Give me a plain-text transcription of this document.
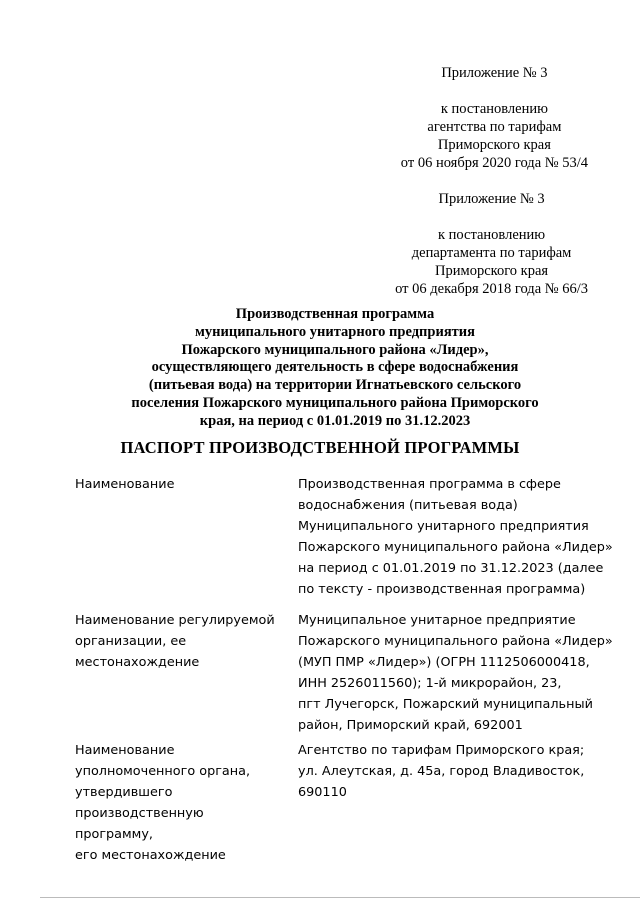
Приложение № 3
к постановлению
агентства по тарифам
Приморского края
от 06 ноября 2020 года № 53/4
Приложение № 3
к постановлению
департамента по тарифам
Приморского края
от 06 декабря 2018 года № 66/3
Производственная программа
муниципального унитарного предприятия
Пожарского муниципального района «Лидер»,
осуществляющего деятельность в сфере водоснабжения
(питьевая вода) на территории Игнатьевского сельского
поселения Пожарского муниципального района Приморского
края, на период с 01.01.2019 по 31.12.2023
ПАСПОРТ ПРОИЗВОДСТВЕННОЙ ПРОГРАММЫ
Наименование	Производственная программа в сфере
водоснабжения (питьевая вода)
Муниципального унитарного предприятия
Пожарского муниципального района «Лидер»
на период с 01.01.2019 по 31.12.2023 (далее
по тексту - производственная программа)
Наименование регулируемой
организации, ее
местонахождение
Муниципальное унитарное предприятие
Пожарского муниципального района «Лидер»
(МУП ПМР «Лидер») (ОГРН 1112506000418,
ИНН 2526011560); 1-й микрорайон, 23,
пгт Лучегорск, Пожарский муниципальный
район, Приморский край, 692001
Наименование
уполномоченного органа,
утвердившего
производственную программу,
его местонахождение
Агентство по тарифам Приморского края;
ул. Алеутская, д. 45а, город Владивосток,
690110
